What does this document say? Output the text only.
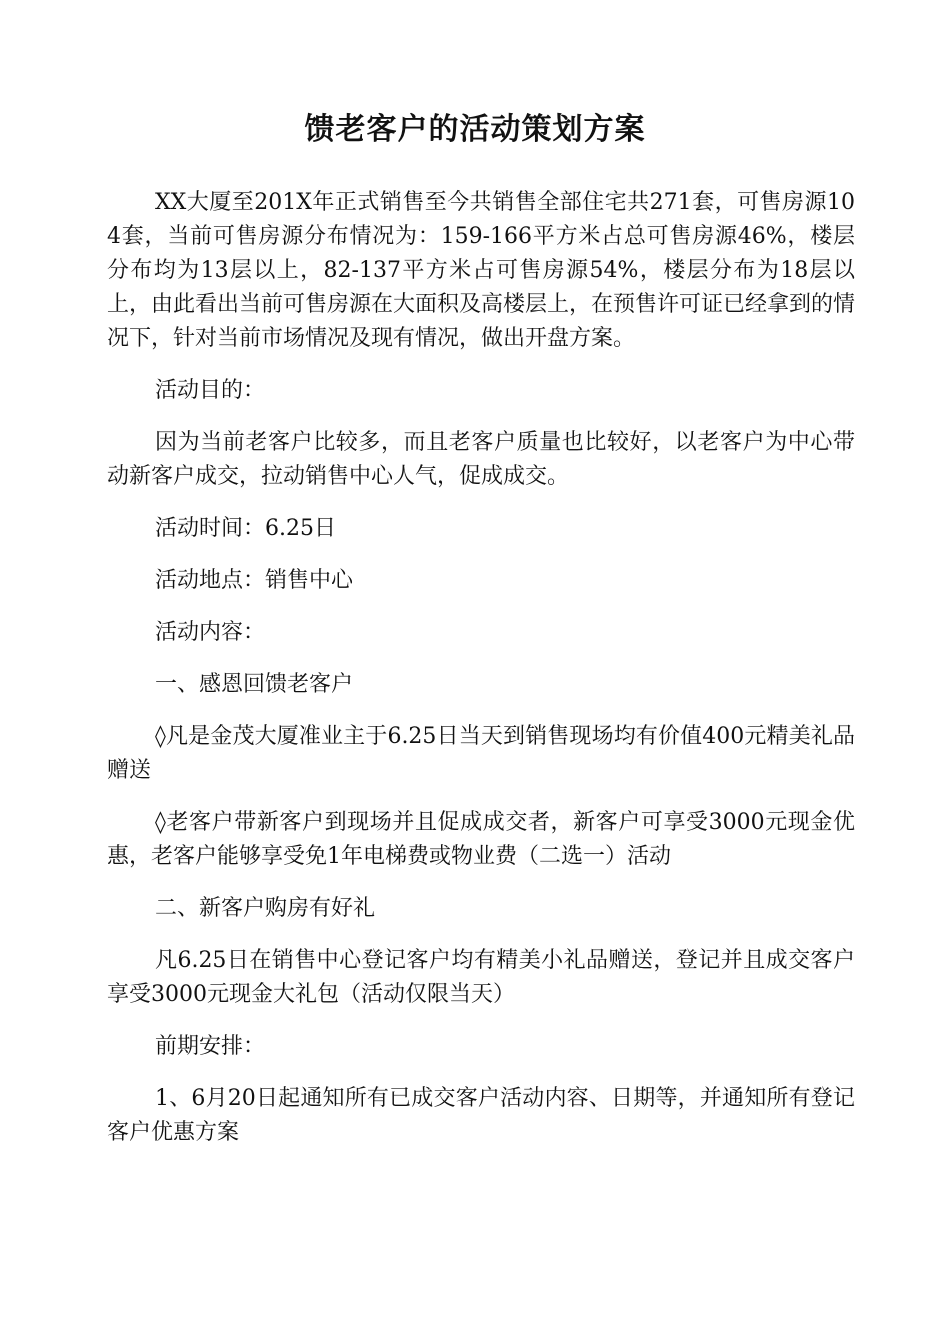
馈老客户的活动策划方案

XX大厦至201X年正式销售至今共销售全部住宅共271套，可售房源104套，当前可售房源分布情况为：159-166平方米占总可售房源46%，楼层分布均为13层以上，82-137平方米占可售房源54%，楼层分布为18层以上，由此看出当前可售房源在大面积及高楼层上，在预售许可证已经拿到的情况下，针对当前市场情况及现有情况，做出开盘方案。

活动目的：

因为当前老客户比较多，而且老客户质量也比较好，以老客户为中心带动新客户成交，拉动销售中心人气，促成成交。

活动时间：6.25日

活动地点：销售中心

活动内容：

一、感恩回馈老客户

◊凡是金茂大厦准业主于6.25日当天到销售现场均有价值400元精美礼品赠送

◊老客户带新客户到现场并且促成成交者，新客户可享受3000元现金优惠，老客户能够享受免1年电梯费或物业费（二选一）活动

二、新客户购房有好礼

凡6.25日在销售中心登记客户均有精美小礼品赠送，登记并且成交客户享受3000元现金大礼包（活动仅限当天）

前期安排：

1、6月20日起通知所有已成交客户活动内容、日期等，并通知所有登记客户优惠方案
